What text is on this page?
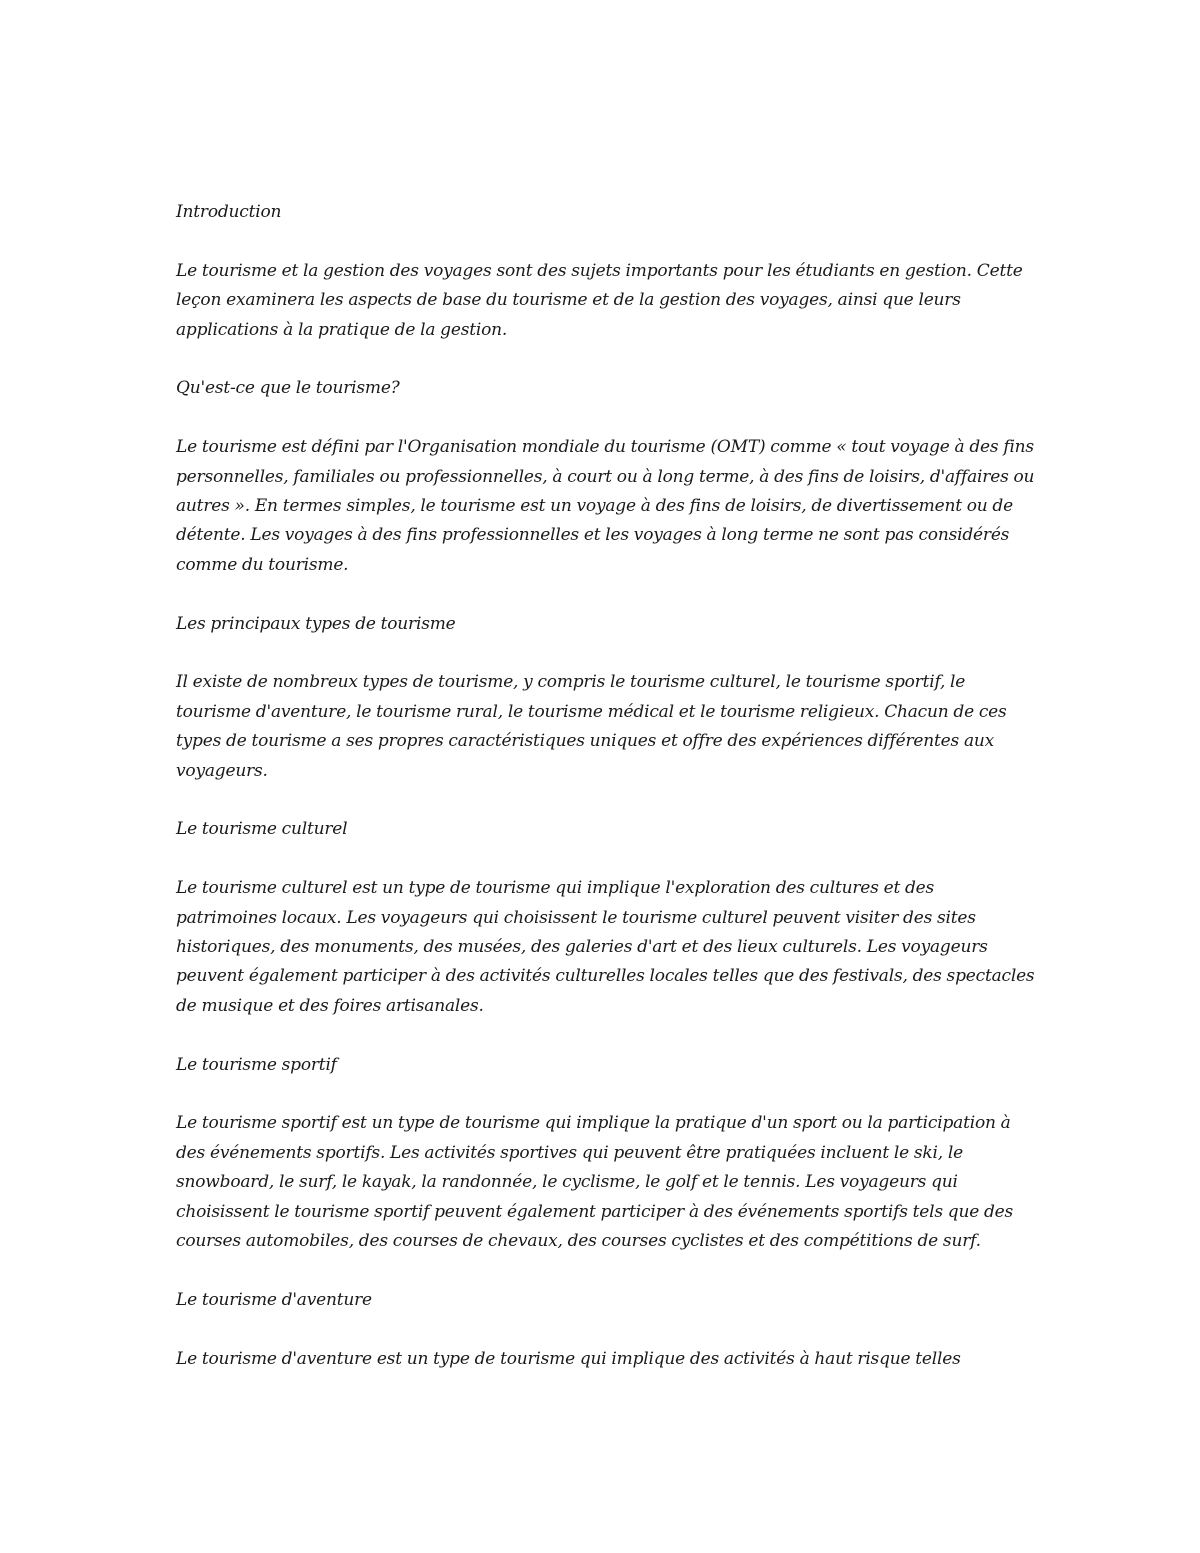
Introduction

Le tourisme et la gestion des voyages sont des sujets importants pour les étudiants en gestion. Cette leçon examinera les aspects de base du tourisme et de la gestion des voyages, ainsi que leurs applications à la pratique de la gestion.

Qu'est-ce que le tourisme?

Le tourisme est défini par l'Organisation mondiale du tourisme (OMT) comme « tout voyage à des fins personnelles, familiales ou professionnelles, à court ou à long terme, à des fins de loisirs, d'affaires ou autres ». En termes simples, le tourisme est un voyage à des fins de loisirs, de divertissement ou de détente. Les voyages à des fins professionnelles et les voyages à long terme ne sont pas considérés comme du tourisme.

Les principaux types de tourisme

Il existe de nombreux types de tourisme, y compris le tourisme culturel, le tourisme sportif, le tourisme d'aventure, le tourisme rural, le tourisme médical et le tourisme religieux. Chacun de ces types de tourisme a ses propres caractéristiques uniques et offre des expériences différentes aux voyageurs.

Le tourisme culturel

Le tourisme culturel est un type de tourisme qui implique l'exploration des cultures et des patrimoines locaux. Les voyageurs qui choisissent le tourisme culturel peuvent visiter des sites historiques, des monuments, des musées, des galeries d'art et des lieux culturels. Les voyageurs peuvent également participer à des activités culturelles locales telles que des festivals, des spectacles de musique et des foires artisanales.

Le tourisme sportif

Le tourisme sportif est un type de tourisme qui implique la pratique d'un sport ou la participation à des événements sportifs. Les activités sportives qui peuvent être pratiquées incluent le ski, le snowboard, le surf, le kayak, la randonnée, le cyclisme, le golf et le tennis. Les voyageurs qui choisissent le tourisme sportif peuvent également participer à des événements sportifs tels que des courses automobiles, des courses de chevaux, des courses cyclistes et des compétitions de surf.

Le tourisme d'aventure

Le tourisme d'aventure est un type de tourisme qui implique des activités à haut risque telles
